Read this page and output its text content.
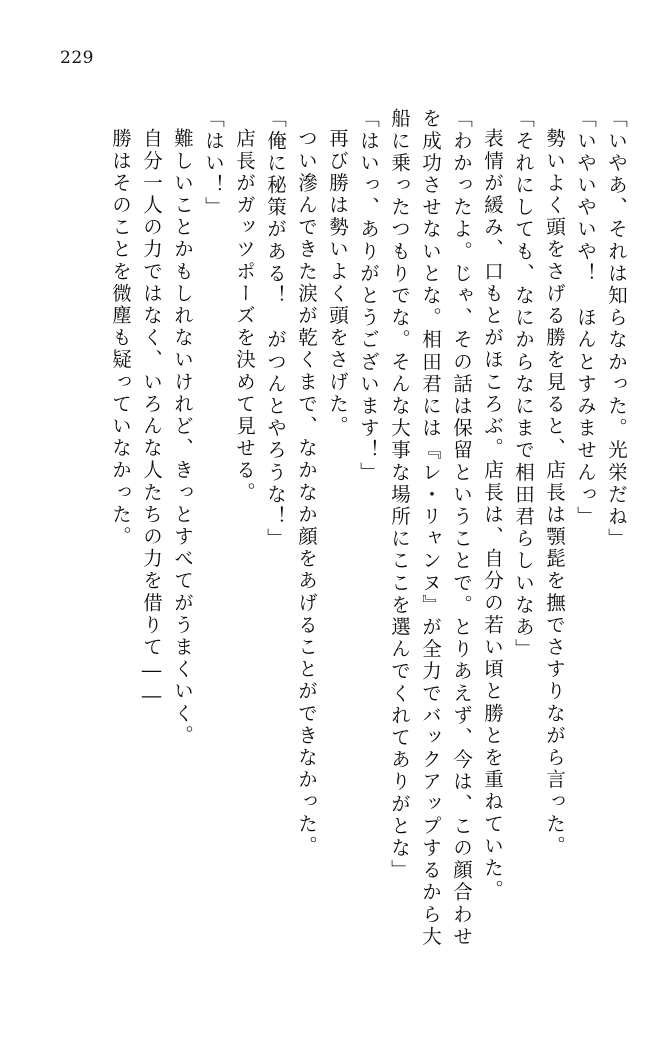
229
「いやあ、それは知らなかった。光栄だね」
「いやいやいや！　ほんとすみませんっ」
勢いよく頭をさげる勝を見ると、店長は顎髭を撫でさすりながら言った。
「それにしても、なにからなにまで相田君らしいなあ」
表情が緩み、口もとがほころぶ。店長は、自分の若い頃と勝とを重ねていた。
「わかったよ。じゃ、その話は保留ということで。とりあえず、今は、この顔合わせ
を成功させないとな。相田君には『レ・リャンヌ』が全力でバックアップするから大
船に乗ったつもりでな。そんな大事な場所にここを選んでくれてありがとな」
「はいっ、ありがとうございます！」
再び勝は勢いよく頭をさげた。
つい滲んできた涙が乾くまで、なかなか顔をあげることができなかった。
「俺に秘策がある！　がつんとやろうな！」
店長がガッツポーズを決めて見せる。
「はい！」
難しいことかもしれないけれど、きっとすべてがうまくいく。
自分一人の力ではなく、いろんな人たちの力を借りて――
勝はそのことを微塵も疑っていなかった。
